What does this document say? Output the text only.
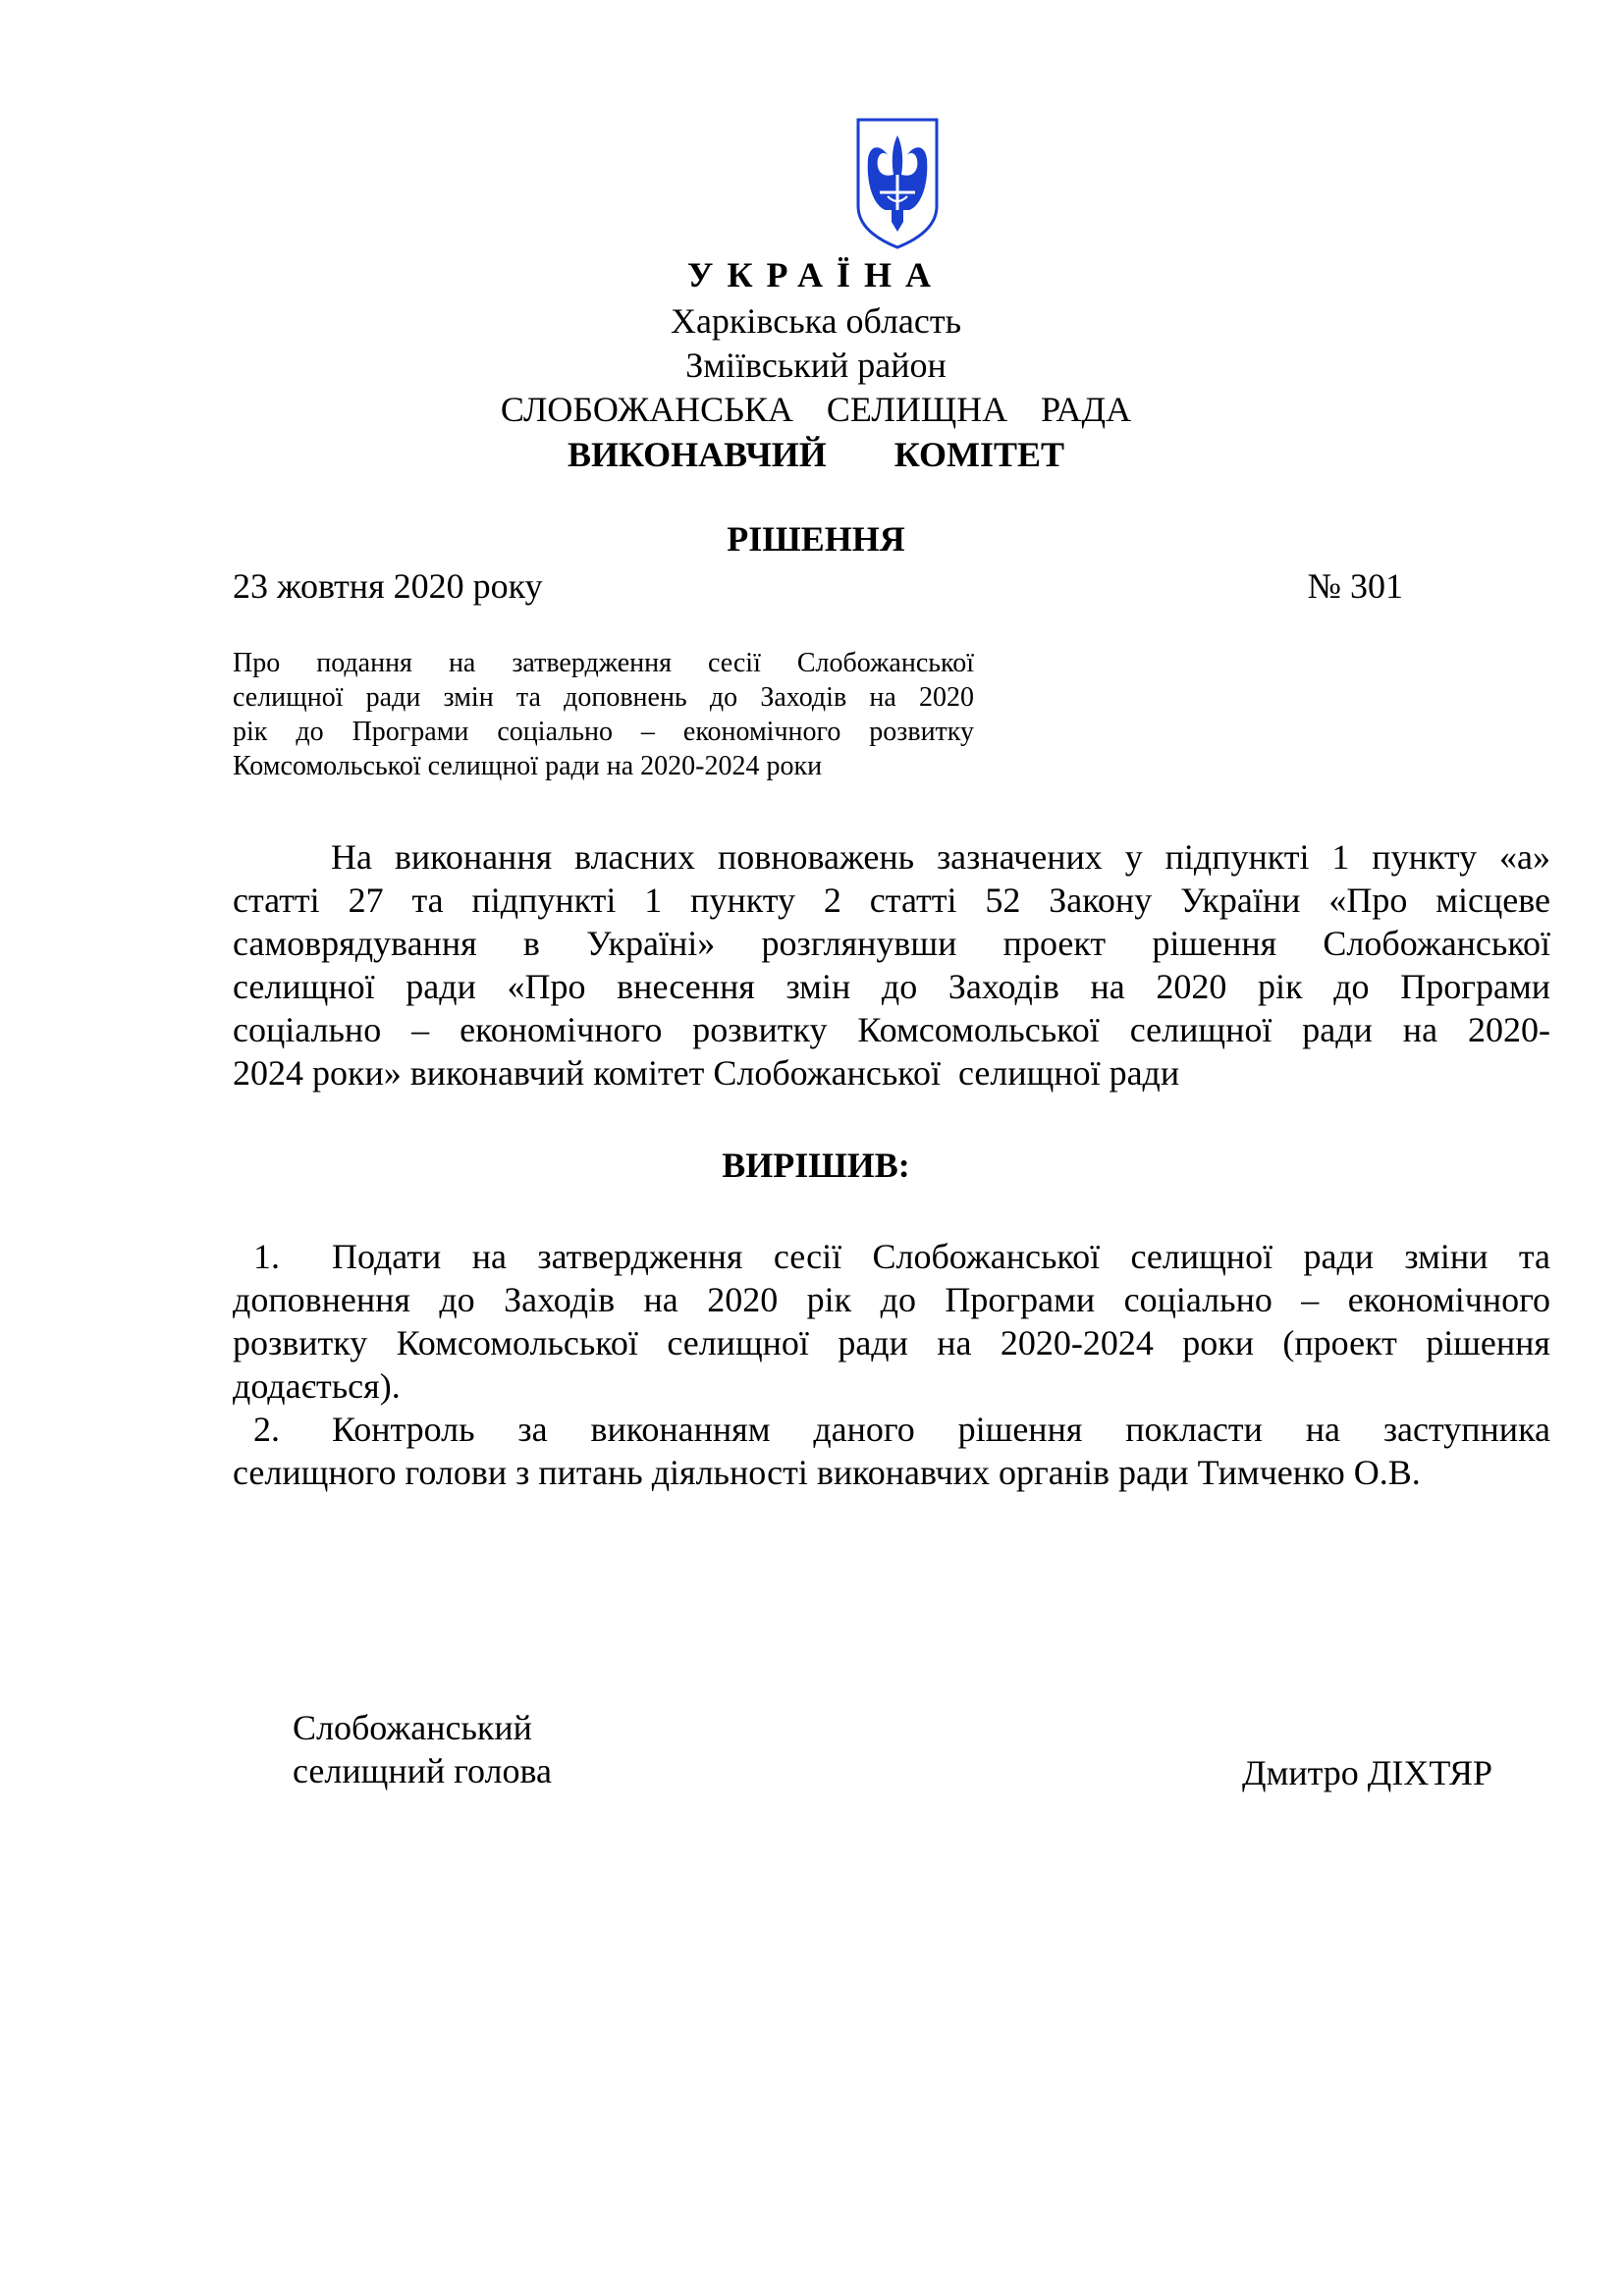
УКРАЇНА
Харківська область
Зміївський район
СЛОБОЖАНСЬКА  СЕЛИЩНА  РАДА
ВИКОНАВЧИЙ   КОМІТЕТ
РІШЕННЯ
23 жовтня 2020 року	№ 301
Про подання на затвердження сесії Слобожанської
селищної ради змін та доповнень до Заходів на 2020
рік до Програми соціально – економічного розвитку
Комсомольської селищної ради на 2020-2024 роки
На виконання власних повноважень зазначених у підпункті 1 пункту «а»
статті 27 та підпункті 1 пункту 2 статті 52 Закону України «Про місцеве
самоврядування в Україні» розглянувши проект рішення Слобожанської
селищної ради «Про внесення змін до Заходів на 2020 рік до Програми
соціально – економічного розвитку Комсомольської селищної ради на 2020-
2024 роки» виконавчий комітет Слобожанської  селищної ради
ВИРІШИВ:
1. Подати на затвердження сесії Слобожанської селищної ради зміни та
доповнення до Заходів на 2020 рік до Програми соціально – економічного
розвитку Комсомольської селищної ради на 2020-2024 роки (проект рішення
додається).
2. Контроль за виконанням даного рішення покласти на заступника
селищного голови з питань діяльності виконавчих органів ради Тимченко О.В.
Слобожанський
селищний голова	Дмитро ДІХТЯР
